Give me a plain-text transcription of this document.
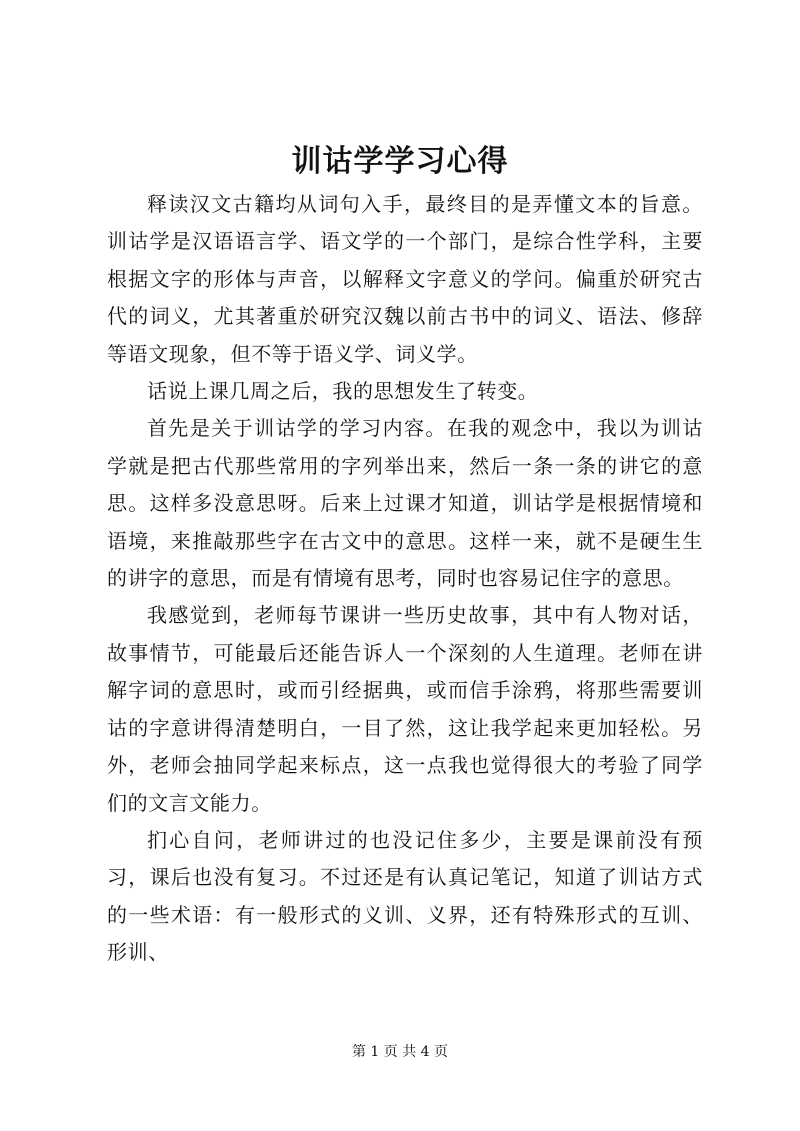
训诂学学习心得

释读汉文古籍均从词句入手，最终目的是弄懂文本的旨意。训诂学是汉语语言学、语文学的一个部门，是综合性学科，主要根据文字的形体与声音，以解释文字意义的学问。偏重於研究古代的词义，尤其著重於研究汉魏以前古书中的词义、语法、修辞等语文现象，但不等于语义学、词义学。

话说上课几周之后，我的思想发生了转变。

首先是关于训诂学的学习内容。在我的观念中，我以为训诂学就是把古代那些常用的字列举出来，然后一条一条的讲它的意思。这样多没意思呀。后来上过课才知道，训诂学是根据情境和语境，来推敲那些字在古文中的意思。这样一来，就不是硬生生的讲字的意思，而是有情境有思考，同时也容易记住字的意思。

我感觉到，老师每节课讲一些历史故事，其中有人物对话，故事情节，可能最后还能告诉人一个深刻的人生道理。老师在讲解字词的意思时，或而引经据典，或而信手涂鸦，将那些需要训诂的字意讲得清楚明白，一目了然，这让我学起来更加轻松。另外，老师会抽同学起来标点，这一点我也觉得很大的考验了同学们的文言文能力。

扪心自问，老师讲过的也没记住多少，主要是课前没有预习，课后也没有复习。不过还是有认真记笔记，知道了训诂方式的一些术语：有一般形式的义训、义界，还有特殊形式的互训、形训、

第 1 页 共 4 页
